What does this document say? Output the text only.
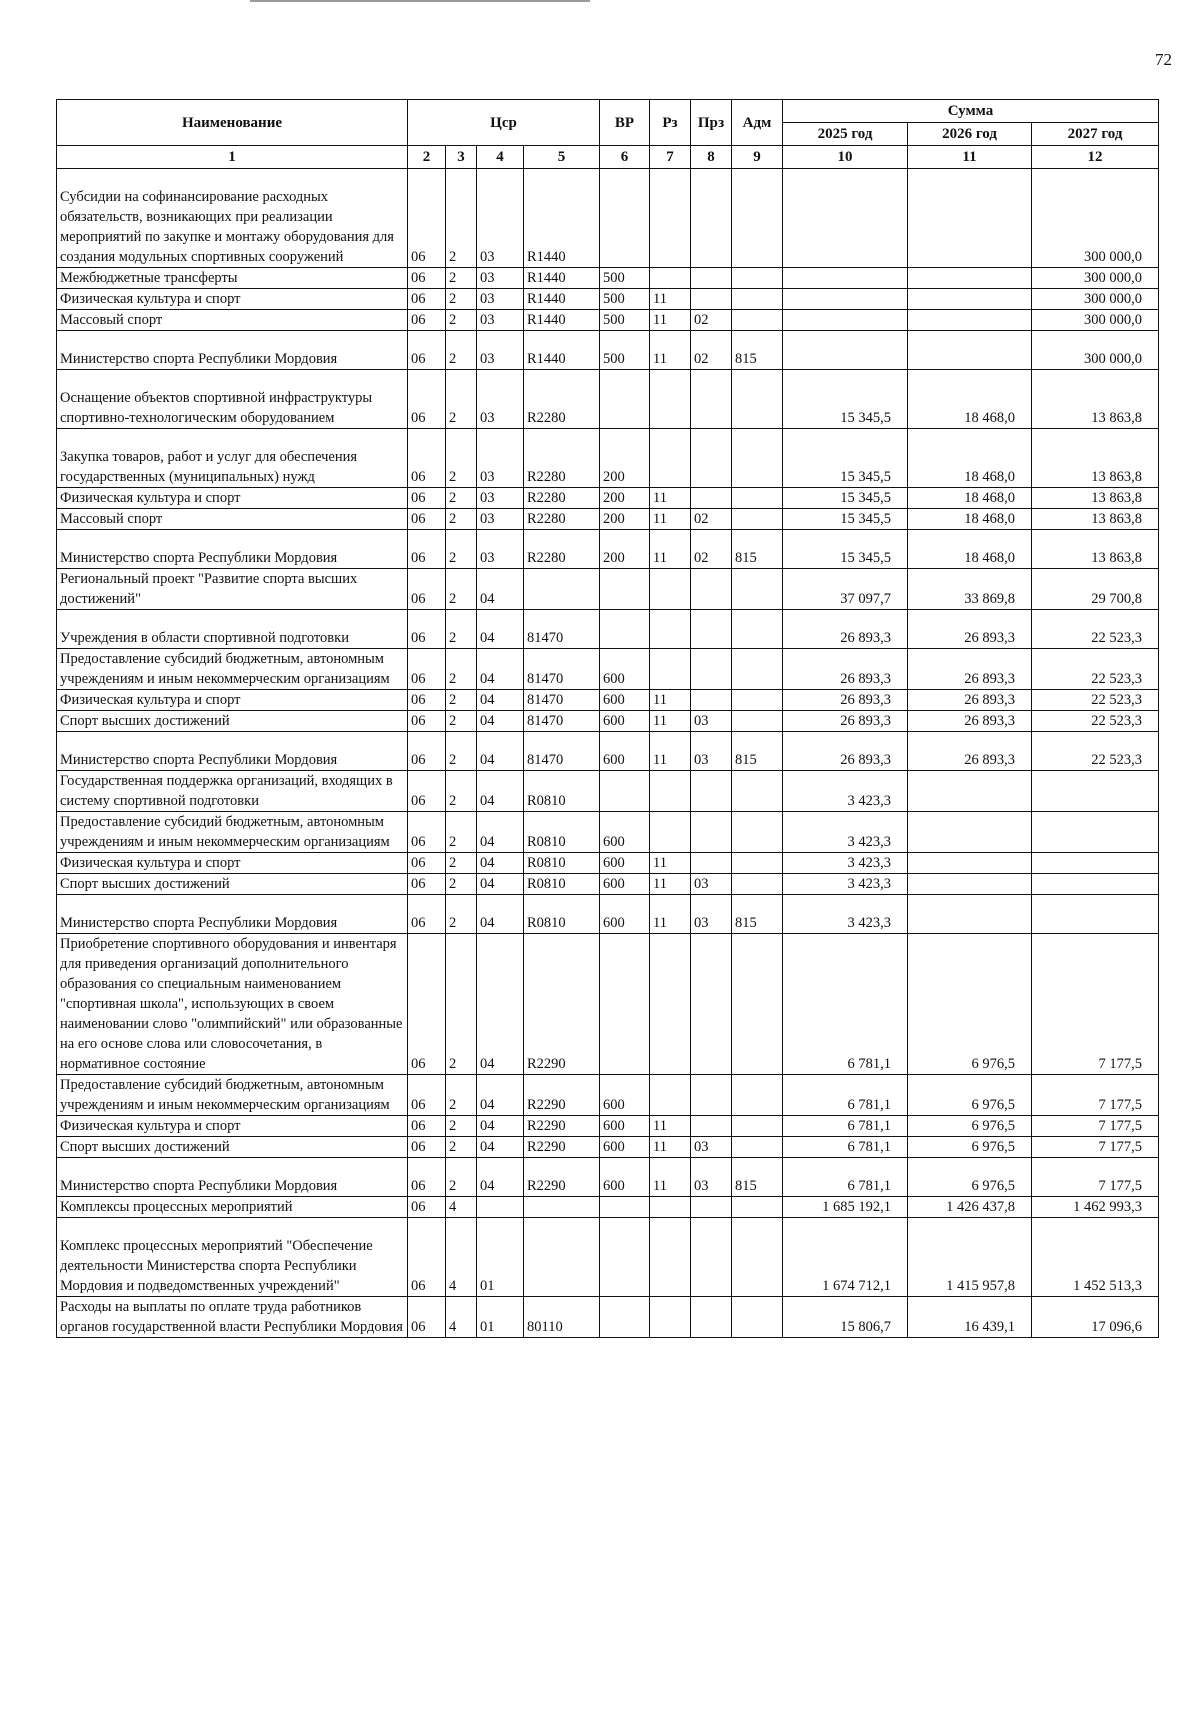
72
Наименование	Цср				ВР	Рз	Прз	Адм	Сумма		
									2025 год	2026 год	2027 год
1	2	3	4	5	6	7	8	9	10	11	12
Субсидии на софинансирование расходных обязательств, возникающих при реализации мероприятий по закупке и монтажу оборудования для создания модульных спортивных сооружений	06	2	03	R1440							300 000,0
Межбюджетные трансферты	06	2	03	R1440	500						300 000,0
Физическая культура и спорт	06	2	03	R1440	500	11					300 000,0
Массовый спорт	06	2	03	R1440	500	11	02				300 000,0
Министерство спорта Республики Мордовия	06	2	03	R1440	500	11	02	815			300 000,0
Оснащение объектов спортивной инфраструктуры спортивно-технологическим оборудованием	06	2	03	R2280					15 345,5	18 468,0	13 863,8
Закупка товаров, работ и услуг для обеспечения государственных (муниципальных) нужд	06	2	03	R2280	200				15 345,5	18 468,0	13 863,8
Физическая культура и спорт	06	2	03	R2280	200	11			15 345,5	18 468,0	13 863,8
Массовый спорт	06	2	03	R2280	200	11	02		15 345,5	18 468,0	13 863,8
Министерство спорта Республики Мордовия	06	2	03	R2280	200	11	02	815	15 345,5	18 468,0	13 863,8
Региональный проект "Развитие спорта высших достижений"	06	2	04						37 097,7	33 869,8	29 700,8
Учреждения в области спортивной подготовки	06	2	04	81470					26 893,3	26 893,3	22 523,3
Предоставление субсидий бюджетным, автономным учреждениям и иным некоммерческим организациям	06	2	04	81470	600				26 893,3	26 893,3	22 523,3
Физическая культура и спорт	06	2	04	81470	600	11			26 893,3	26 893,3	22 523,3
Спорт высших достижений	06	2	04	81470	600	11	03		26 893,3	26 893,3	22 523,3
Министерство спорта Республики Мордовия	06	2	04	81470	600	11	03	815	26 893,3	26 893,3	22 523,3
Государственная поддержка организаций, входящих в систему спортивной подготовки	06	2	04	R0810					3 423,3		
Предоставление субсидий бюджетным, автономным учреждениям и иным некоммерческим организациям	06	2	04	R0810	600				3 423,3		
Физическая культура и спорт	06	2	04	R0810	600	11			3 423,3		
Спорт высших достижений	06	2	04	R0810	600	11	03		3 423,3		
Министерство спорта Республики Мордовия	06	2	04	R0810	600	11	03	815	3 423,3		
Приобретение спортивного оборудования и инвентаря для приведения организаций дополнительного образования со специальным наименованием "спортивная школа", использующих в своем наименовании слово "олимпийский" или образованные на его основе слова или словосочетания, в нормативное состояние	06	2	04	R2290					6 781,1	6 976,5	7 177,5
Предоставление субсидий бюджетным, автономным учреждениям и иным некоммерческим организациям	06	2	04	R2290	600				6 781,1	6 976,5	7 177,5
Физическая культура и спорт	06	2	04	R2290	600	11			6 781,1	6 976,5	7 177,5
Спорт высших достижений	06	2	04	R2290	600	11	03		6 781,1	6 976,5	7 177,5
Министерство спорта Республики Мордовия	06	2	04	R2290	600	11	03	815	6 781,1	6 976,5	7 177,5
Комплексы процессных мероприятий	06	4							1 685 192,1	1 426 437,8	1 462 993,3
Комплекс процессных мероприятий "Обеспечение деятельности Министерства спорта Республики Мордовия и подведомственных учреждений"	06	4	01						1 674 712,1	1 415 957,8	1 452 513,3
Расходы на выплаты по оплате труда работников органов государственной власти Республики Мордовия	06	4	01	80110					15 806,7	16 439,1	17 096,6
